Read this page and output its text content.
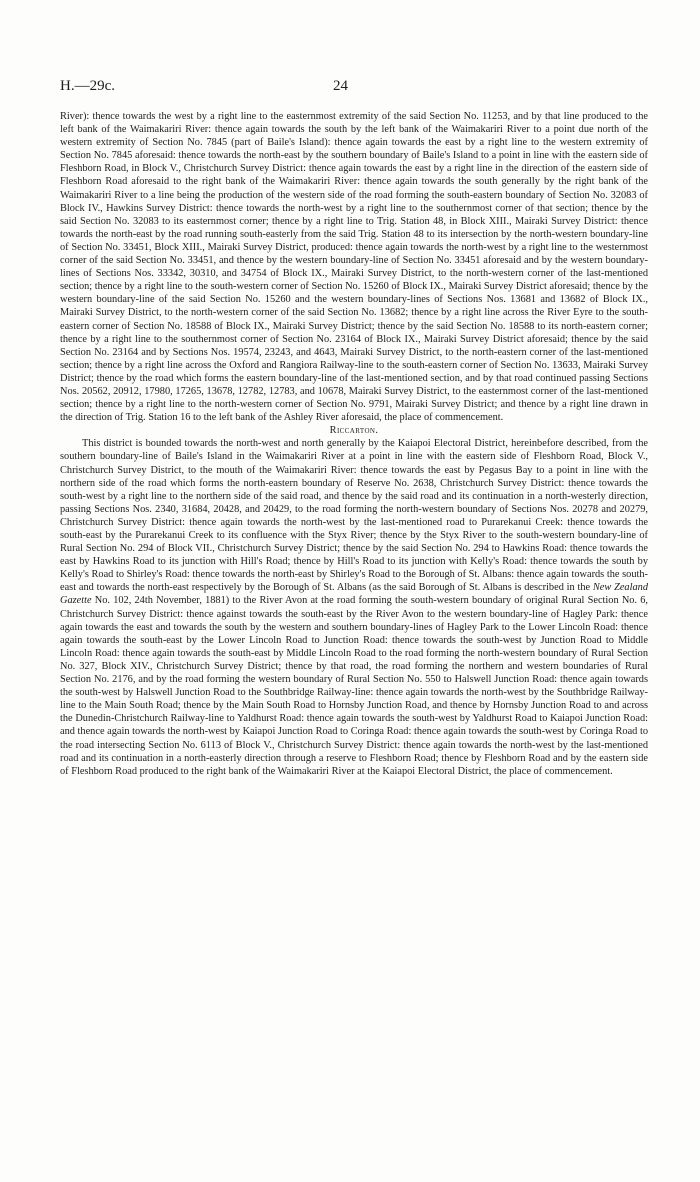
H.—29c.	24

River): thence towards the west by a right line to the easternmost extremity of the said Section No. 11253, and by that line produced to the left bank of the Waimakariri River: thence again towards the south by the left bank of the Waimakariri River to a point due north of the western extremity of Section No. 7845 (part of Baile's Island): thence again towards the east by a right line to the western extremity of Section No. 7845 aforesaid: thence towards the north-east by the southern boundary of Baile's Island to a point in line with the eastern side of Fleshborn Road, in Block V., Christchurch Survey District: thence again towards the east by a right line in the direction of the eastern side of Fleshborn Road aforesaid to the right bank of the Waimakariri River: thence again towards the south generally by the right bank of the Waimakariri River to a line being the production of the western side of the road forming the south-eastern boundary of Section No. 32083 of Block IV., Hawkins Survey District: thence towards the north-west by a right line to the southernmost corner of that section; thence by the said Section No. 32083 to its easternmost corner; thence by a right line to Trig. Station 48, in Block XIII., Mairaki Survey District: thence towards the north-east by the road running south-easterly from the said Trig. Station 48 to its intersection by the north-western boundary-line of Section No. 33451, Block XIII., Mairaki Survey District, produced: thence again towards the north-west by a right line to the westernmost corner of the said Section No. 33451, and thence by the western boundary-line of Section No. 33451 aforesaid and by the western boundary-lines of Sections Nos. 33342, 30310, and 34754 of Block IX., Mairaki Survey District, to the north-western corner of the last-mentioned section; thence by a right line to the south-western corner of Section No. 15260 of Block IX., Mairaki Survey District aforesaid; thence by the western boundary-line of the said Section No. 15260 and the western boundary-lines of Sections Nos. 13681 and 13682 of Block IX., Mairaki Survey District, to the north-western corner of the said Section No. 13682; thence by a right line across the River Eyre to the south-eastern corner of Section No. 18588 of Block IX., Mairaki Survey District; thence by the said Section No. 18588 to its north-eastern corner; thence by a right line to the southernmost corner of Section No. 23164 of Block IX., Mairaki Survey District aforesaid; thence by the said Section No. 23164 and by Sections Nos. 19574, 23243, and 4643, Mairaki Survey District, to the north-eastern corner of the last-mentioned section; thence by a right line across the Oxford and Rangiora Railway-line to the south-eastern corner of Section No. 13633, Mairaki Survey District; thence by the road which forms the eastern boundary-line of the last-mentioned section, and by that road continued passing Sections Nos. 20562, 20912, 17980, 17265, 13678, 12782, 12783, and 10678, Mairaki Survey District, to the easternmost corner of the last-mentioned section; thence by a right line to the north-western corner of Section No. 9791, Mairaki Survey District; and thence by a right line drawn in the direction of Trig. Station 16 to the left bank of the Ashley River aforesaid, the place of commencement.

Riccarton.

This district is bounded towards the north-west and north generally by the Kaiapoi Electoral District, hereinbefore described, from the southern boundary-line of Baile's Island in the Waimakariri River at a point in line with the eastern side of Fleshborn Road, Block V., Christchurch Survey District, to the mouth of the Waimakariri River: thence towards the east by Pegasus Bay to a point in line with the northern side of the road which forms the north-eastern boundary of Reserve No. 2638, Christchurch Survey District: thence towards the south-west by a right line to the northern side of the said road, and thence by the said road and its continuation in a north-westerly direction, passing Sections Nos. 2340, 31684, 20428, and 20429, to the road forming the north-western boundary of Sections Nos. 20278 and 20279, Christchurch Survey District: thence again towards the north-west by the last-mentioned road to Purarekanui Creek: thence towards the south-east by the Purarekanui Creek to its confluence with the Styx River; thence by the Styx River to the south-western boundary-line of Rural Section No. 294 of Block VII., Christchurch Survey District; thence by the said Section No. 294 to Hawkins Road: thence towards the east by Hawkins Road to its junction with Hill's Road; thence by Hill's Road to its junction with Kelly's Road: thence towards the south by Kelly's Road to Shirley's Road: thence towards the north-east by Shirley's Road to the Borough of St. Albans: thence again towards the south-east and towards the north-east respectively by the Borough of St. Albans (as the said Borough of St. Albans is described in the New Zealand Gazette No. 102, 24th November, 1881) to the River Avon at the road forming the south-western boundary of original Rural Section No. 6, Christchurch Survey District: thence against towards the south-east by the River Avon to the western boundary-line of Hagley Park: thence again towards the east and towards the south by the western and southern boundary-lines of Hagley Park to the Lower Lincoln Road: thence again towards the south-east by the Lower Lincoln Road to Junction Road: thence towards the south-west by Junction Road to Middle Lincoln Road: thence again towards the south-east by Middle Lincoln Road to the road forming the north-western boundary of Rural Section No. 327, Block XIV., Christchurch Survey District; thence by that road, the road forming the northern and western boundaries of Rural Section No. 2176, and by the road forming the western boundary of Rural Section No. 550 to Halswell Junction Road: thence again towards the south-west by Halswell Junction Road to the Southbridge Railway-line: thence again towards the north-west by the Southbridge Railway-line to the Main South Road; thence by the Main South Road to Hornsby Junction Road, and thence by Hornsby Junction Road to and across the Dunedin-Christchurch Railway-line to Yaldhurst Road: thence again towards the south-west by Yaldhurst Road to Kaiapoi Junction Road: and thence again towards the north-west by Kaiapoi Junction Road to Coringa Road: thence again towards the south-west by Coringa Road to the road intersecting Section No. 6113 of Block V., Christchurch Survey District: thence again towards the north-west by the last-mentioned road and its continuation in a north-easterly direction through a reserve to Fleshborn Road; thence by Fleshborn Road and by the eastern side of Fleshborn Road produced to the right bank of the Waimakariri River at the Kaiapoi Electoral District, the place of commencement.
